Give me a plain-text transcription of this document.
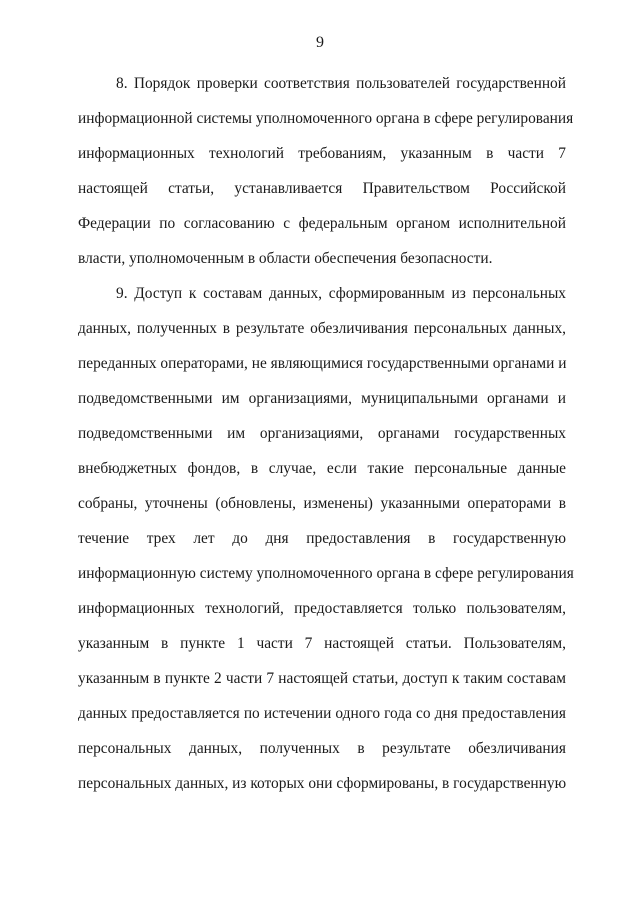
9
8. Порядок проверки соответствия пользователей государственной
информационной системы уполномоченного органа в сфере регулирования
информационных технологий требованиям, указанным в части 7
настоящей статьи, устанавливается Правительством Российской
Федерации по согласованию с федеральным органом исполнительной
власти, уполномоченным в области обеспечения безопасности.
9. Доступ к составам данных, сформированным из персональных
данных, полученных в результате обезличивания персональных данных,
переданных операторами, не являющимися государственными органами и
подведомственными им организациями, муниципальными органами и
подведомственными им организациями, органами государственных
внебюджетных фондов, в случае, если такие персональные данные
собраны, уточнены (обновлены, изменены) указанными операторами в
течение трех лет до дня предоставления в государственную
информационную систему уполномоченного органа в сфере регулирования
информационных технологий, предоставляется только пользователям,
указанным в пункте 1 части 7 настоящей статьи. Пользователям,
указанным в пункте 2 части 7 настоящей статьи, доступ к таким составам
данных предоставляется по истечении одного года со дня предоставления
персональных данных, полученных в результате обезличивания
персональных данных, из которых они сформированы, в государственную
